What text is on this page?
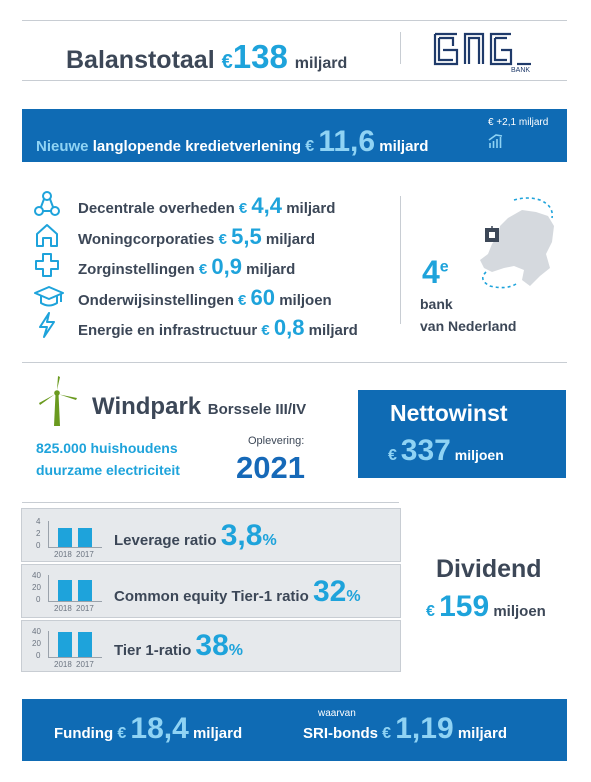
Balanstotaal €138 miljard	BANK
Nieuwe langlopende kredietverlening € 11,6 miljard
€ +2,1 miljard
Decentrale overheden € 4,4 miljard
Woningcorporaties € 5,5 miljard
Zorginstellingen € 0,9 miljard
Onderwijsinstellingen € 60 miljoen
Energie en infrastructuur € 0,8 miljard
4e
bank
van Nederland
Windpark Borssele III/IV
825.000 huishoudens
duurzame electriciteit
Oplevering:
2021
Nettowinst
€ 337 miljoen
4
2
0
2018 2017
Leverage ratio 3,8%
40
20
0
2018 2017
Common equity Tier-1 ratio 32%
40
20
0
2018 2017
Tier 1-ratio 38%
Dividend
€ 159 miljoen
Funding € 18,4 miljard
waarvan
SRI-bonds € 1,19 miljard
